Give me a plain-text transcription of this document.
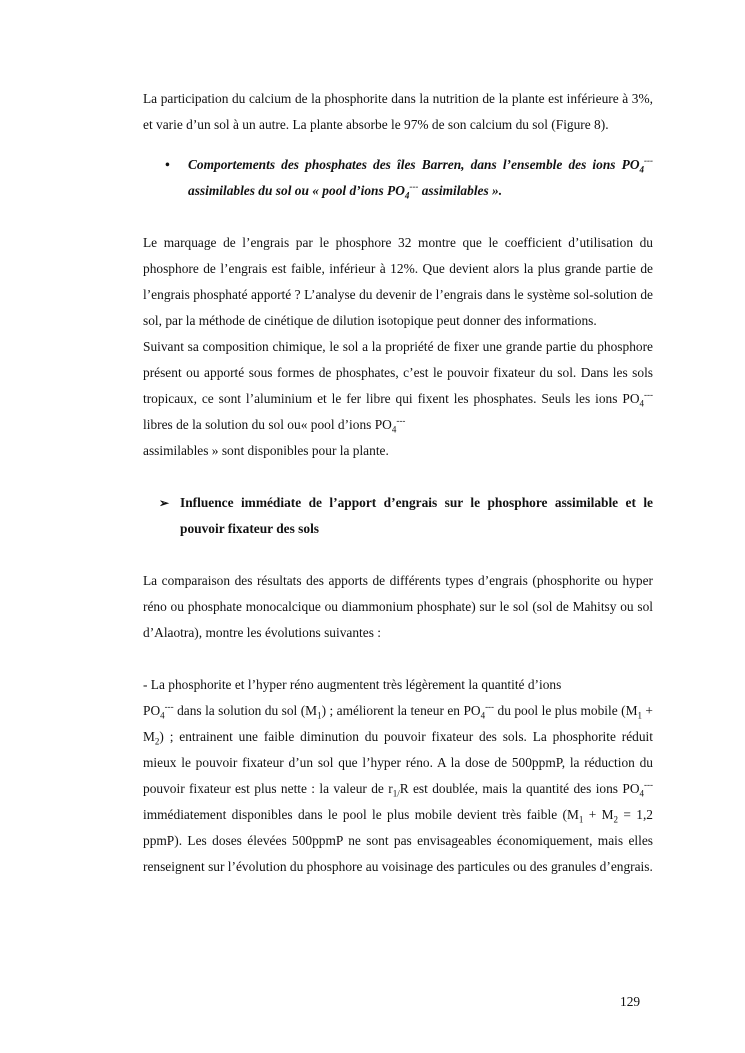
La participation du calcium de la phosphorite dans la nutrition de la plante est inférieure à 3%, et varie d’un sol à un autre. La plante absorbe le 97% de son calcium du sol (Figure 8).

• Comportements des phosphates des îles Barren, dans l’ensemble des ions $PO_4^{---}$ assimilables du sol ou « pool d’ions $PO_4^{---}$ assimilables ».

Le marquage de l’engrais par le phosphore 32 montre que le coefficient d’utilisation du phosphore de l’engrais est faible, inférieur à 12%. Que devient alors la plus grande partie de l’engrais phosphaté apporté ? L’analyse du devenir de l’engrais dans le système sol-solution de sol, par la méthode de cinétique de dilution isotopique peut donner des informations.

Suivant sa composition chimique, le sol a la propriété de fixer une grande partie du phosphore présent ou apporté sous formes de phosphates, c’est le pouvoir fixateur du sol. Dans les sols tropicaux, ce sont l’aluminium et le fer libre qui fixent les phosphates. Seuls les ions $PO_4^{---}$ libres de la solution du sol ou« pool d’ions $PO_4^{---}$
assimilables » sont disponibles pour la plante.

➢ Influence immédiate de l’apport d’engrais sur le phosphore assimilable et le pouvoir fixateur des sols

La comparaison des résultats des apports de différents types d’engrais (phosphorite ou hyper réno ou phosphate monocalcique ou diammonium phosphate) sur le sol (sol de Mahitsy ou sol d’Alaotra), montre les évolutions suivantes :

- La phosphorite et l’hyper réno augmentent très légèrement la quantité d’ions

$PO_4^{---}$ dans la solution du sol $(M_1)$ ; améliorent la teneur en $PO_4^{---}$ du pool le plus mobile $(M_1 + M_2)$ ; entrainent une faible diminution du pouvoir fixateur des sols. La phosphorite réduit mieux le pouvoir fixateur d’un sol que l’hyper réno. A la dose de 500ppmP, la réduction du pouvoir fixateur est plus nette : la valeur de $r_{1/}R$ est doublée, mais la quantité des ions $PO_4^{---}$ immédiatement disponibles dans le pool le plus mobile devient très faible ($M_1 + M_2 = 1,2$ ppmP). Les doses élevées 500ppmP ne sont pas envisageables économiquement, mais elles renseignent sur l’évolution du phosphore au voisinage des particules ou des granules d’engrais.

129
